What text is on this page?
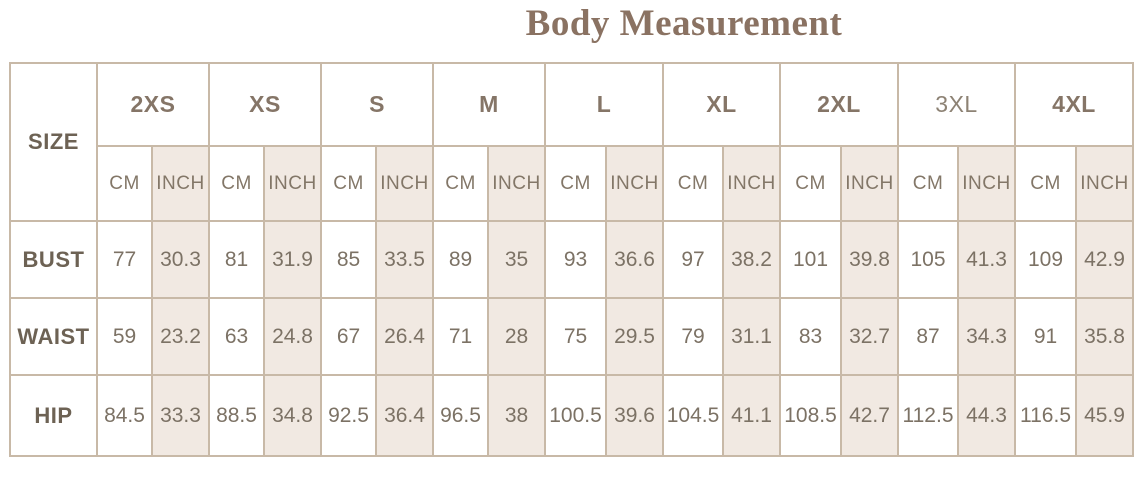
Body Measurement
SIZE	2XS		XS		S		M		L		XL		2XL		3XL		4XL	
	CM	INCH	CM	INCH	CM	INCH	CM	INCH	CM	INCH	CM	INCH	CM	INCH	CM	INCH	CM	INCH
BUST	77	30.3	81	31.9	85	33.5	89	35	93	36.6	97	38.2	101	39.8	105	41.3	109	42.9
WAIST	59	23.2	63	24.8	67	26.4	71	28	75	29.5	79	31.1	83	32.7	87	34.3	91	35.8
HIP	84.5	33.3	88.5	34.8	92.5	36.4	96.5	38	100.5	39.6	104.5	41.1	108.5	42.7	112.5	44.3	116.5	45.9
